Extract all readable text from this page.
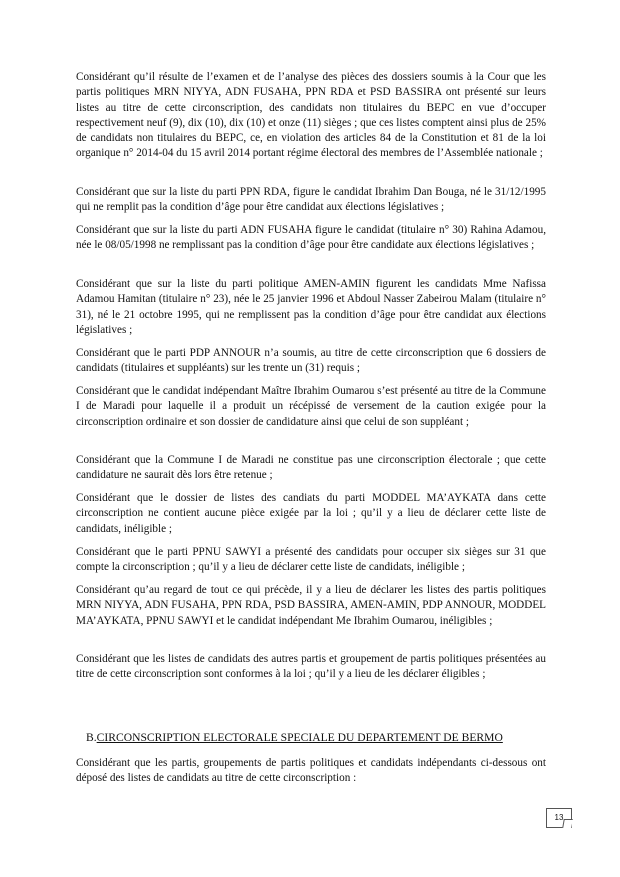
Considérant qu’il résulte de l’examen et de l’analyse des pièces des dossiers soumis à la Cour que les partis politiques MRN NIYYA, ADN FUSAHA, PPN RDA et PSD BASSIRA ont présenté sur leurs listes au titre de cette circonscription, des candidats non titulaires du BEPC en vue d’occuper respectivement neuf (9), dix (10), dix (10) et onze (11) sièges ; que ces listes comptent ainsi plus de 25% de candidats non titulaires du BEPC, ce, en violation des articles 84 de la Constitution et 81 de la loi organique n° 2014-04 du 15 avril 2014 portant régime électoral des membres de l’Assemblée nationale ;

Considérant que sur la liste du parti PPN RDA, figure le candidat Ibrahim Dan Bouga, né le 31/12/1995 qui ne remplit pas la condition d’âge pour être candidat aux élections législatives ;

Considérant que sur la liste du parti ADN FUSAHA figure le candidat (titulaire n° 30) Rahina Adamou, née le 08/05/1998 ne remplissant pas la condition d’âge pour être candidate aux élections législatives ;

Considérant que sur la liste du parti politique AMEN-AMIN figurent les candidats Mme Nafissa Adamou Hamitan (titulaire n° 23), née le 25 janvier 1996 et Abdoul Nasser Zabeirou Malam (titulaire n° 31), né le 21 octobre 1995, qui ne remplissent pas la condition d’âge pour être candidat aux élections législatives ;

Considérant que le parti PDP ANNOUR n’a soumis, au titre de cette circonscription que 6 dossiers de candidats (titulaires et suppléants) sur les trente un (31) requis ;

Considérant que le candidat indépendant Maître Ibrahim Oumarou s’est présenté au titre de la Commune I de Maradi pour laquelle il a produit un récépissé de versement de la caution exigée pour la circonscription ordinaire et son dossier de candidature ainsi que celui de son suppléant ;

Considérant que la Commune I de Maradi ne constitue pas une circonscription électorale ; que cette candidature ne saurait dès lors être retenue ;

Considérant que le dossier de listes des candiats du parti MODDEL MA’AYKATA dans cette circonscription ne contient aucune pièce exigée par la loi ; qu’il y a lieu de déclarer cette liste de candidats, inéligible ;

Considérant que le parti PPNU SAWYI a présenté des candidats pour occuper six sièges sur 31 que compte la circonscription ; qu’il y a lieu de déclarer cette liste de candidats, inéligible ;

Considérant qu’au regard de tout ce qui précède, il y a lieu de déclarer les listes des partis politiques MRN NIYYA, ADN FUSAHA, PPN RDA, PSD BASSIRA, AMEN-AMIN, PDP ANNOUR, MODDEL MA’AYKATA, PPNU SAWYI et le candidat indépendant Me Ibrahim Oumarou, inéligibles ;

Considérant que les listes de candidats des autres partis et groupement de partis politiques présentées au titre de cette circonscription sont conformes à la loi ; qu’il y a lieu de les déclarer éligibles ;

B.CIRCONSCRIPTION ELECTORALE SPECIALE DU DEPARTEMENT DE BERMO

Considérant que les partis, groupements de partis politiques et candidats indépendants ci-dessous ont déposé des listes de candidats au titre de cette circonscription :

13
